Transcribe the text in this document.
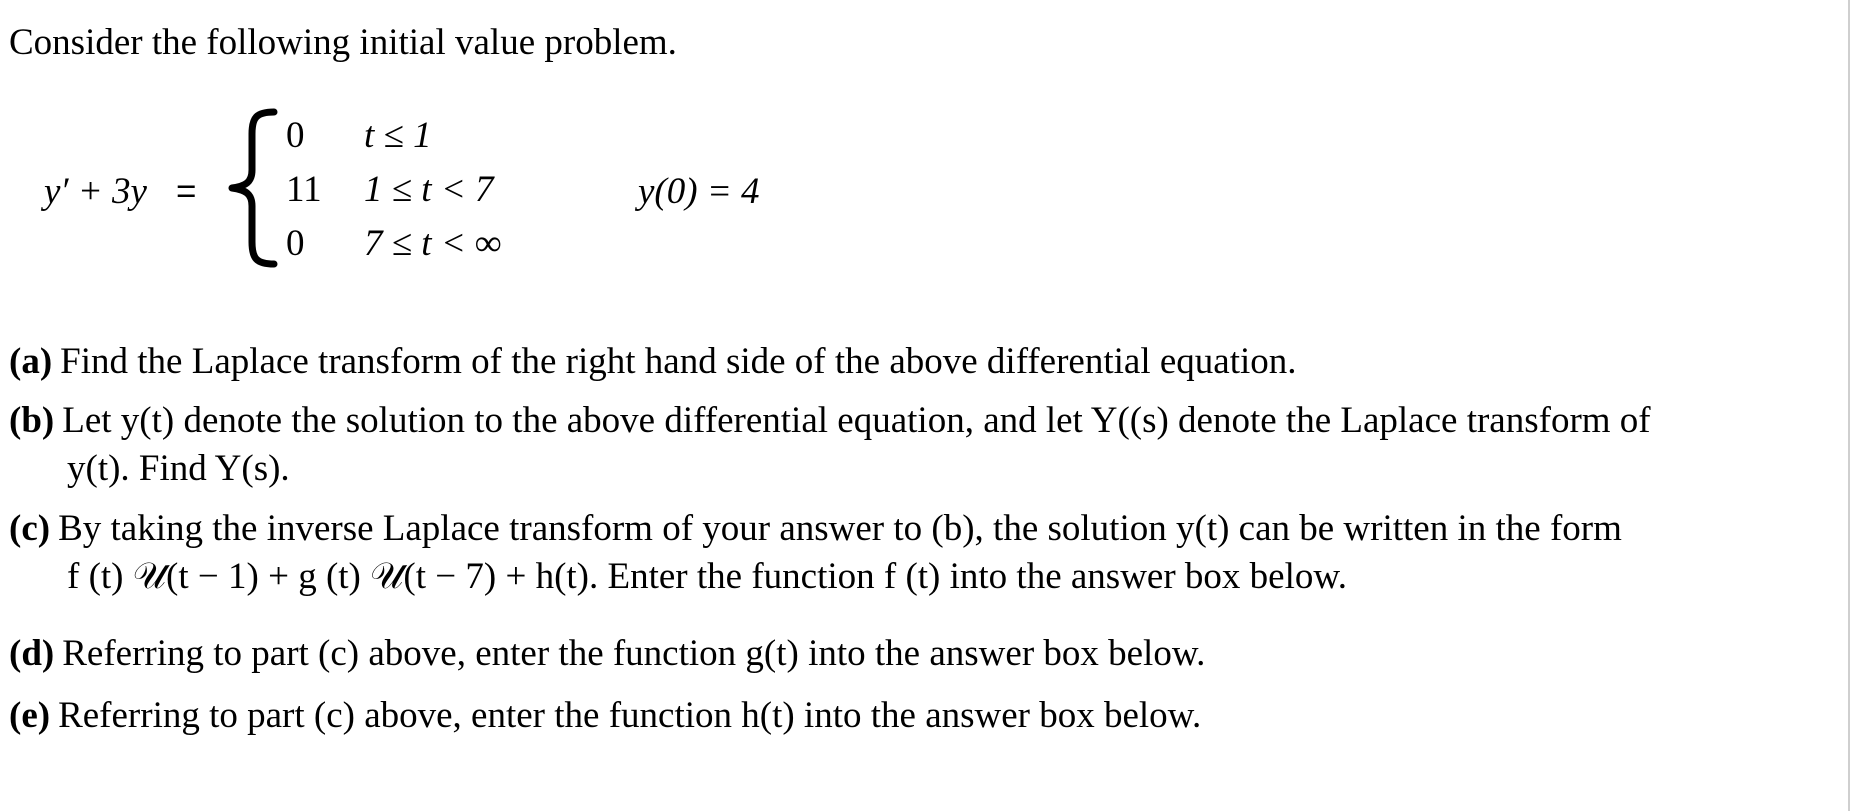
Consider the following initial value problem.
y′ + 3y =
0 t ≤ 1
11 1 ≤ t < 7
0 7 ≤ t < ∞
y(0) = 4
(a) Find the Laplace transform of the right hand side of the above differential equation.
(b) Let y(t) denote the solution to the above differential equation, and let Y((s) denote the Laplace transform of
y(t). Find Y(s).
(c) By taking the inverse Laplace transform of your answer to (b), the solution y(t) can be written in the form
f (t) 𝒰(t − 1) + g (t) 𝒰(t − 7) + h(t). Enter the function f (t) into the answer box below.
(d) Referring to part (c) above, enter the function g(t) into the answer box below.
(e) Referring to part (c) above, enter the function h(t) into the answer box below.
